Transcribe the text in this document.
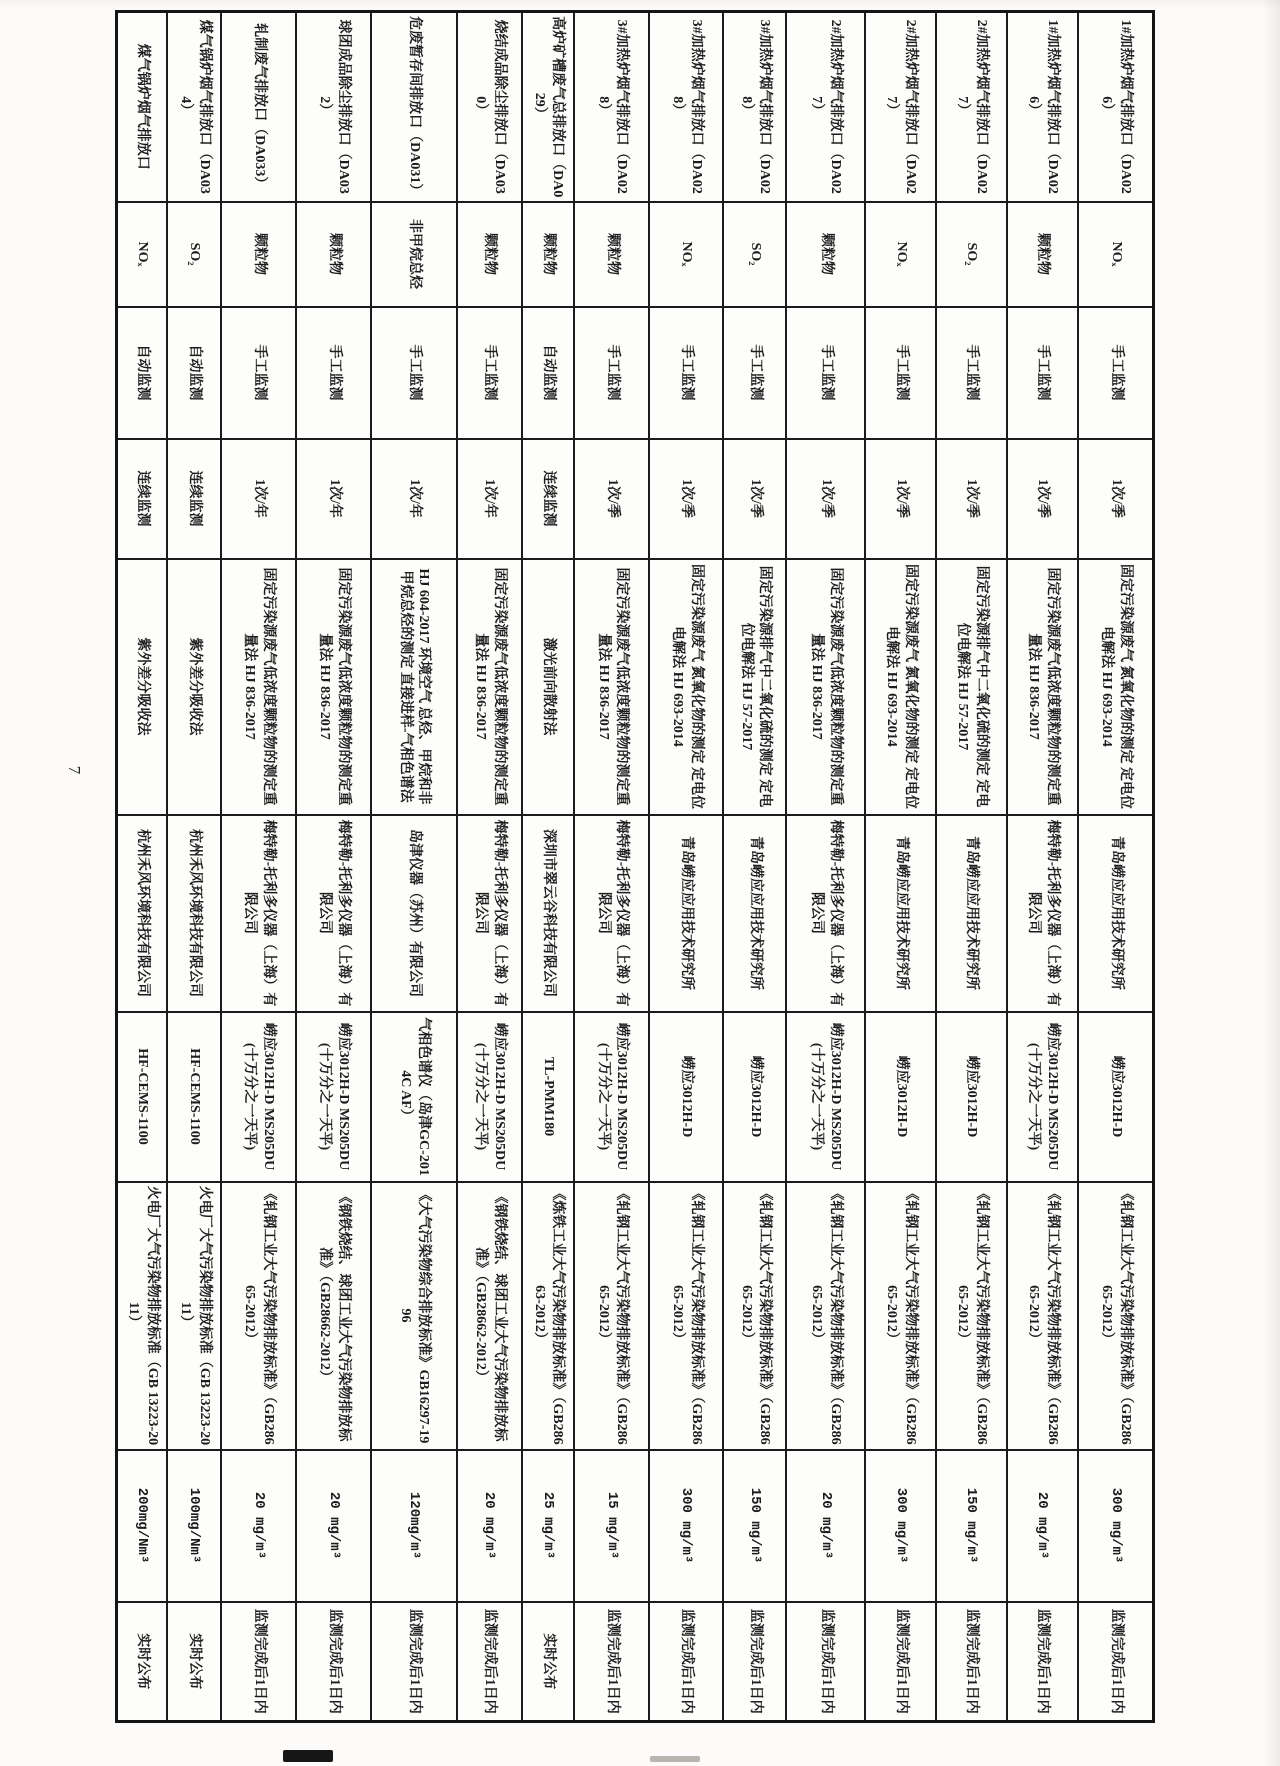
1#加热炉烟气排放口（DA026）	NOₓ	手工监测	1次/季	固定污染源废气 氮氧化物的测定 定电位电解法 HJ 693-2014	青岛崂应应用技术研究所	崂应3012H-D	《轧钢工业大气污染物排放标准》（GB28665-2012）	300 mg/m³	监测完成后1日内
1#加热炉烟气排放口（DA026）	颗粒物	手工监测	1次/季	固定污染源废气低浓度颗粒物的测定重量法 HJ 836-2017	梅特勒-托利多仪器（上海）有限公司	崂应3012H-D MS205DU(十万分之一天平)	《轧钢工业大气污染物排放标准》（GB28665-2012）	20 mg/m³	监测完成后1日内
2#加热炉烟气排放口（DA027）	SO₂	手工监测	1次/季	固定污染源排气中二氧化硫的测定 定电位电解法 HJ 57-2017	青岛崂应应用技术研究所	崂应3012H-D	《轧钢工业大气污染物排放标准》（GB28665-2012）	150 mg/m³	监测完成后1日内
2#加热炉烟气排放口（DA027）	NOₓ	手工监测	1次/季	固定污染源废气 氮氧化物的测定 定电位电解法 HJ 693-2014	青岛崂应应用技术研究所	崂应3012H-D	《轧钢工业大气污染物排放标准》（GB28665-2012）	300 mg/m³	监测完成后1日内
2#加热炉烟气排放口（DA027）	颗粒物	手工监测	1次/季	固定污染源废气低浓度颗粒物的测定重量法 HJ 836-2017	梅特勒-托利多仪器（上海）有限公司	崂应3012H-D MS205DU(十万分之一天平)	《轧钢工业大气污染物排放标准》（GB28665-2012）	20 mg/m³	监测完成后1日内
3#加热炉烟气排放口（DA028）	SO₂	手工监测	1次/季	固定污染源排气中二氧化硫的测定 定电位电解法 HJ 57-2017	青岛崂应应用技术研究所	崂应3012H-D	《轧钢工业大气污染物排放标准》（GB28665-2012）	150 mg/m³	监测完成后1日内
3#加热炉烟气排放口（DA028）	NOₓ	手工监测	1次/季	固定污染源废气 氮氧化物的测定 定电位电解法 HJ 693-2014	青岛崂应应用技术研究所	崂应3012H-D	《轧钢工业大气污染物排放标准》（GB28665-2012）	300 mg/m³	监测完成后1日内
3#加热炉烟气排放口（DA028）	颗粒物	手工监测	1次/季	固定污染源废气低浓度颗粒物的测定重量法 HJ 836-2017	梅特勒-托利多仪器（上海）有限公司	崂应3012H-D MS205DU(十万分之一天平)	《轧钢工业大气污染物排放标准》（GB28665-2012）	15 mg/m³	监测完成后1日内
高炉矿槽废气总排放口（DA029）	颗粒物	自动监测	连续监测	激光前向散射法	深圳市翠云谷科技有限公司	TL-PMM180	《炼铁工业大气污染物排放标准》（GB28663-2012）	25 mg/m³	实时公布
烧结成品除尘排放口（DA030）	颗粒物	手工监测	1次/年	固定污染源废气低浓度颗粒物的测定重量法 HJ 836-2017	梅特勒-托利多仪器（上海）有限公司	崂应3012H-D MS205DU(十万分之一天平)	《钢铁烧结、球团工业大气污染物排放标准》（GB28662-2012）	20 mg/m³	监测完成后1日内
危废暂存间排放口（DA031）	非甲烷总烃	手工监测	1次/年	HJ 604-2017 环境空气 总烃、甲烷和非甲烷总烃的测定 直接进样-气相色谱法	岛津仪器（苏州）有限公司	气相色谱仪（岛津GC-2014C AF）	《大气污染物综合排放标准》GB16297-1996	120mg/m³	监测完成后1日内
球团成品除尘排放口（DA032）	颗粒物	手工监测	1次/年	固定污染源废气低浓度颗粒物的测定重量法 HJ 836-2017	梅特勒-托利多仪器（上海）有限公司	崂应3012H-D MS205DU(十万分之一天平)	《钢铁烧结、球团工业大气污染物排放标准》（GB28662-2012）	20 mg/m³	监测完成后1日内
轧制废气排放口（DA033）	颗粒物	手工监测	1次/年	固定污染源废气低浓度颗粒物的测定重量法 HJ 836-2017	梅特勒-托利多仪器（上海）有限公司	崂应3012H-D MS205DU(十万分之一天平)	《轧钢工业大气污染物排放标准》（GB28665-2012）	20 mg/m³	监测完成后1日内
煤气锅炉烟气排放口（DA034）	SO₂	自动监测	连续监测	紫外差分吸收法	杭州禾风环境科技有限公司	HF-CEMS-1100	火电厂大气污染物排放标准（GB 13223-2011）	100mg/Nm³	实时公布
煤气锅炉烟气排放口	NOₓ	自动监测	连续监测	紫外差分吸收法	杭州禾风环境科技有限公司	HF-CEMS-1100	火电厂大气污染物排放标准（GB 13223-2011）	200mg/Nm³	实时公布
7
